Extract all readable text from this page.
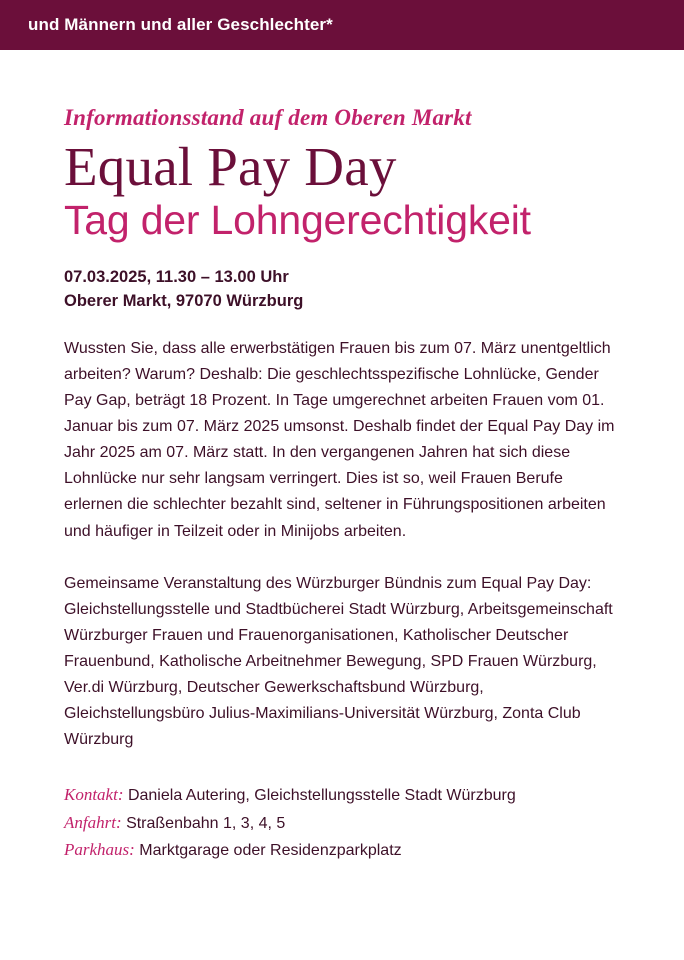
und Männern und aller Geschlechter*
Informationsstand auf dem Oberen Markt
Equal Pay Day
Tag der Lohngerechtigkeit
07.03.2025, 11.30 – 13.00 Uhr
Oberer Markt, 97070 Würzburg
Wussten Sie, dass alle erwerbstätigen Frauen bis zum 07. März unentgeltlich arbeiten? Warum? Deshalb: Die geschlechtsspezifische Lohnlücke, Gender Pay Gap, beträgt 18 Prozent. In Tage umgerechnet arbeiten Frauen vom 01. Januar bis zum 07. März 2025 umsonst. Deshalb findet der Equal Pay Day im Jahr 2025 am 07. März statt. In den vergangenen Jahren hat sich diese Lohnlücke nur sehr langsam verringert. Dies ist so, weil Frauen Berufe erlernen die schlechter bezahlt sind, seltener in Führungspositionen arbeiten und häufiger in Teilzeit oder in Minijobs arbeiten.
Gemeinsame Veranstaltung des Würzburger Bündnis zum Equal Pay Day: Gleichstellungsstelle und Stadtbücherei Stadt Würzburg, Arbeitsgemeinschaft Würzburger Frauen und Frauenorganisationen, Katholischer Deutscher Frauenbund, Katholische Arbeitnehmer Bewegung, SPD Frauen Würzburg, Ver.di Würzburg, Deutscher Gewerkschaftsbund Würzburg, Gleichstellungsbüro Julius-Maximilians-Universität Würzburg, Zonta Club Würzburg
Kontakt: Daniela Autering, Gleichstellungsstelle Stadt Würzburg
Anfahrt: Straßenbahn 1, 3, 4, 5
Parkhaus: Marktgarage oder Residenzparkplatz
